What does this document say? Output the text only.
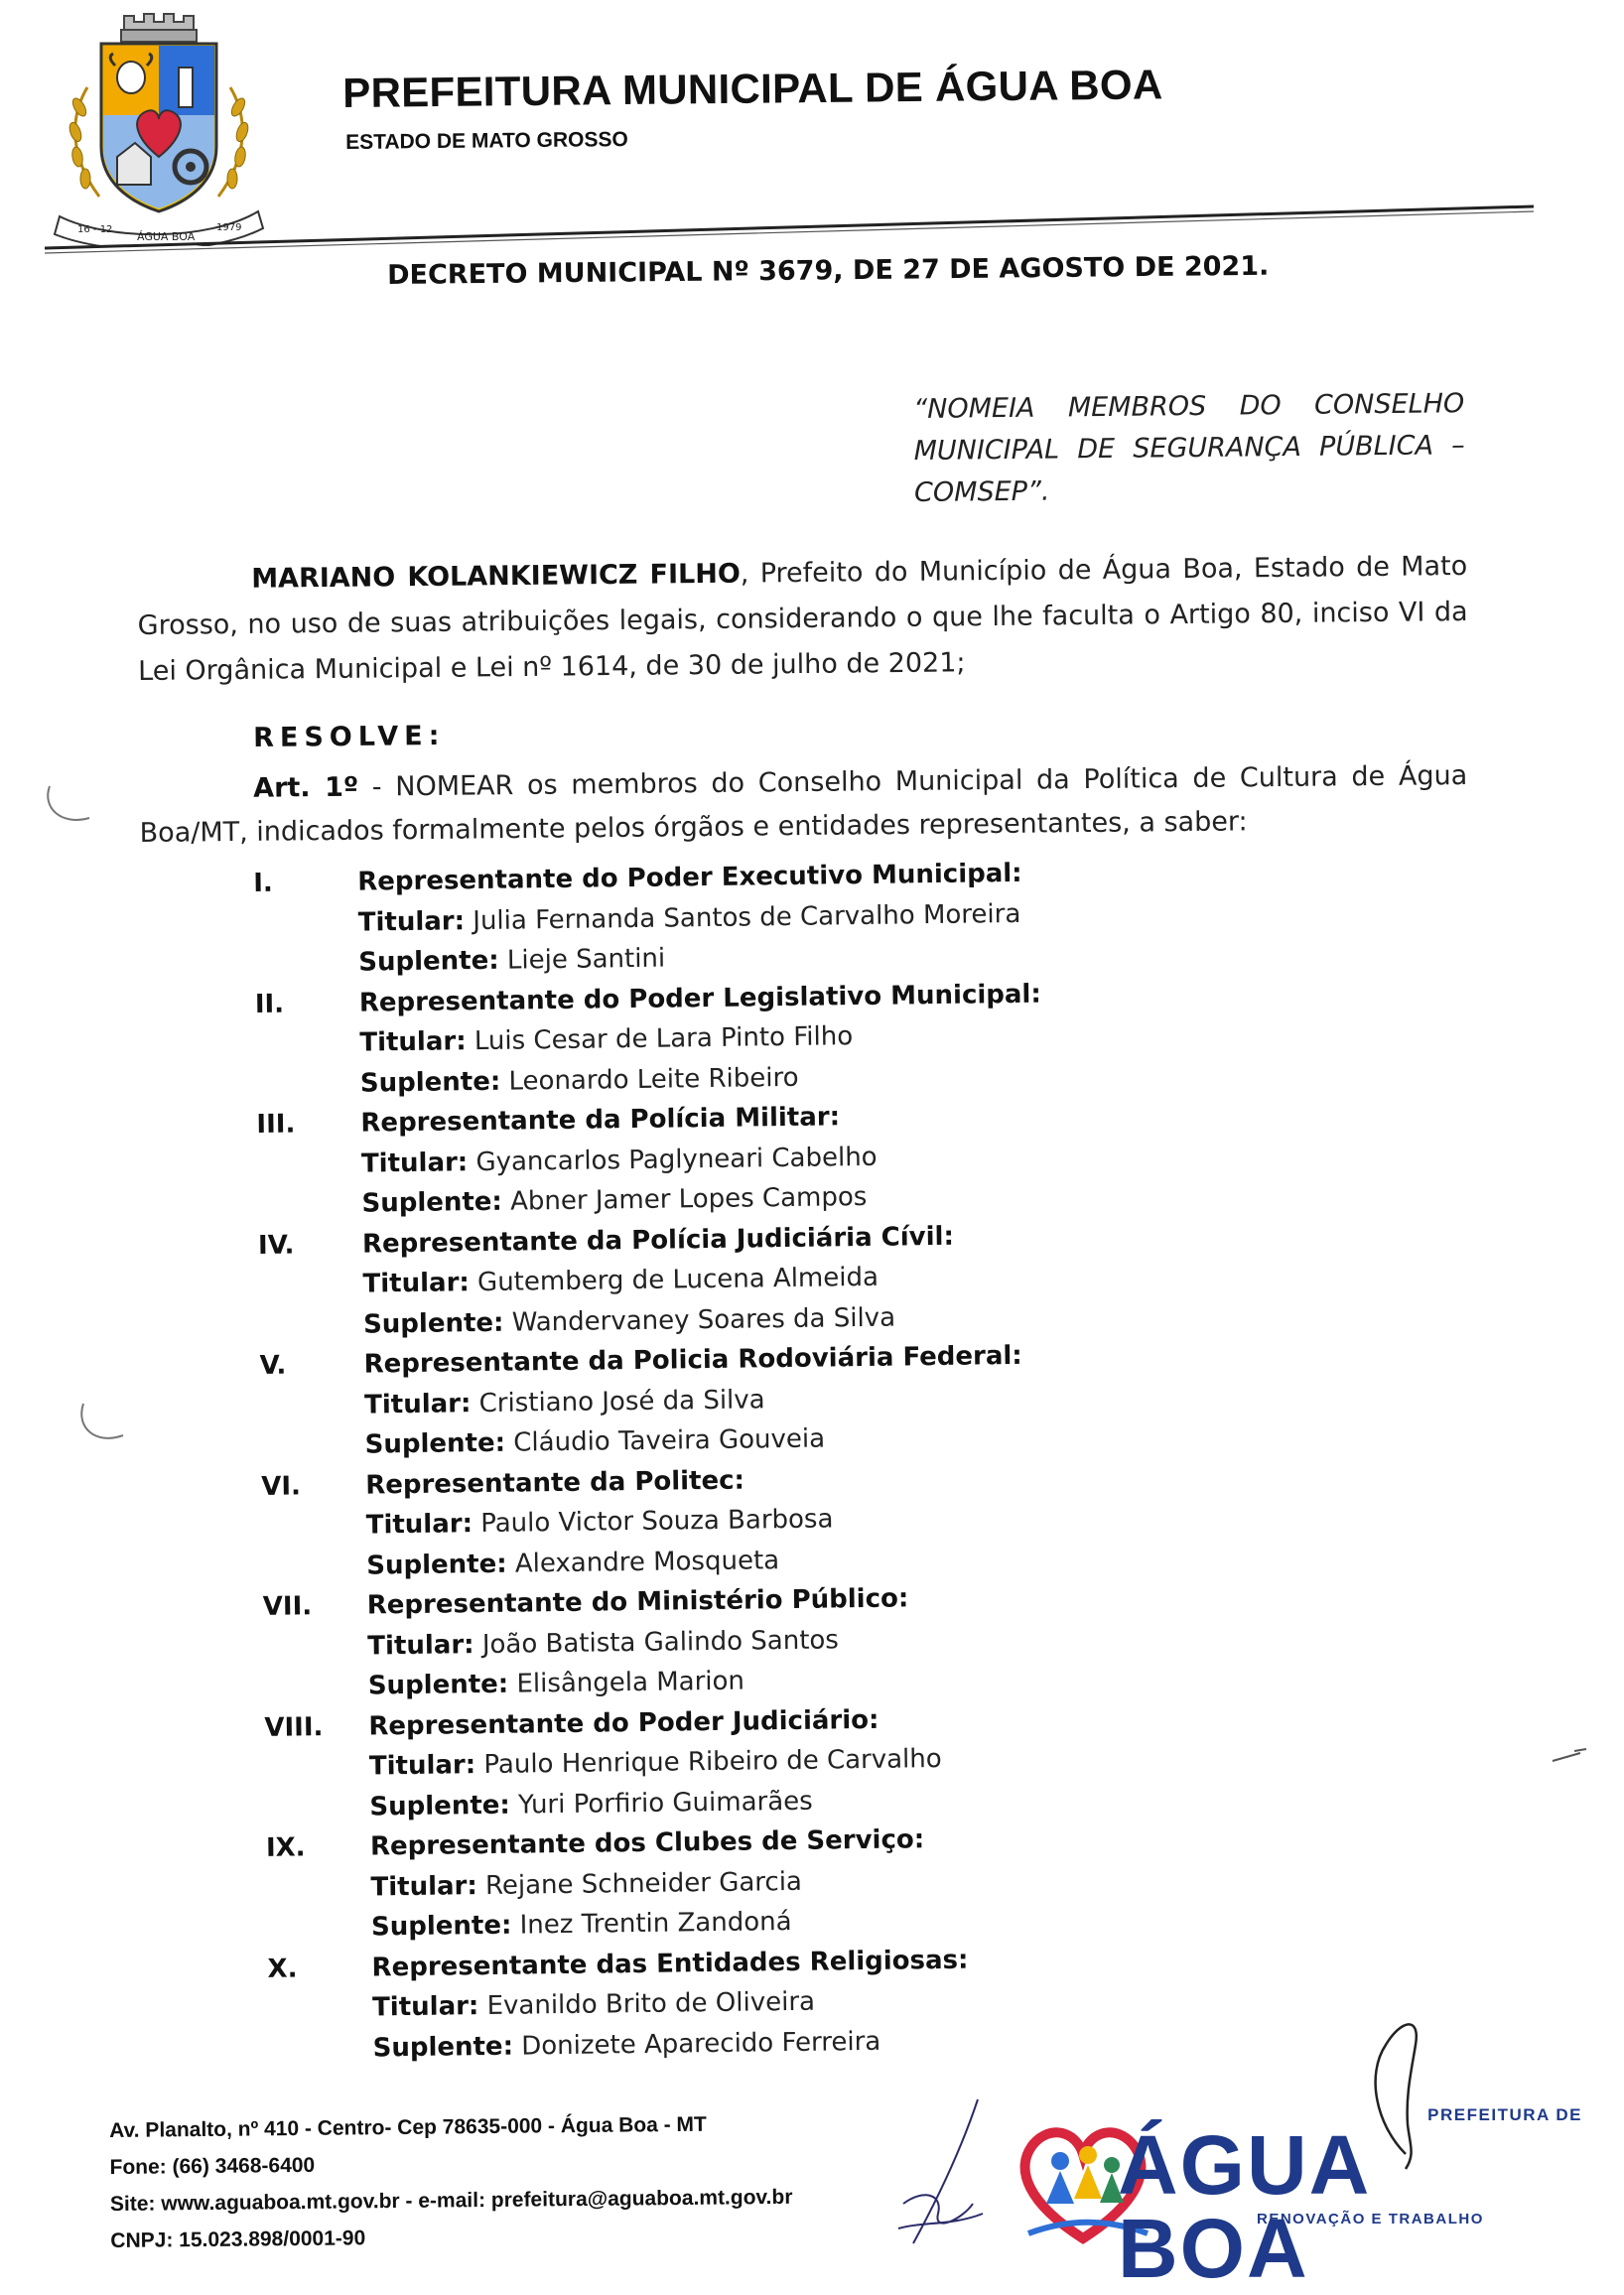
16 - 12
ÁGUA BOA
1979
PREFEITURA MUNICIPAL DE ÁGUA BOA
ESTADO DE MATO GROSSO
DECRETO MUNICIPAL Nº 3679, DE 27 DE AGOSTO DE 2021.
“NOMEIA MEMBROS DO CONSELHO MUNICIPAL DE SEGURANÇA PÚBLICA – COMSEP”.
MARIANO KOLANKIEWICZ FILHO, Prefeito do Município de Água Boa, Estado de Mato Grosso, no uso de suas atribuições legais, considerando o que lhe faculta o Artigo 80, inciso VI da Lei Orgânica Municipal e Lei nº 1614, de 30 de julho de 2021;
RESOLVE:
Art. 1º - NOMEAR os membros do Conselho Municipal da Política de Cultura de Água Boa/MT, indicados formalmente pelos órgãos e entidades representantes, a saber:
I.	Representante do Poder Executivo Municipal:
Titular: Julia Fernanda Santos de Carvalho Moreira
Suplente: Lieje Santini
II.	Representante do Poder Legislativo Municipal:
Titular: Luis Cesar de Lara Pinto Filho
Suplente: Leonardo Leite Ribeiro
III.	Representante da Polícia Militar:
Titular: Gyancarlos Paglyneari Cabelho
Suplente: Abner Jamer Lopes Campos
IV.	Representante da Polícia Judiciária Cívil:
Titular: Gutemberg de Lucena Almeida
Suplente: Wandervaney Soares da Silva
V.	Representante da Policia Rodoviária Federal:
Titular: Cristiano José da Silva
Suplente: Cláudio Taveira Gouveia
VI.	Representante da Politec:
Titular: Paulo Victor Souza Barbosa
Suplente: Alexandre Mosqueta
VII.	Representante do Ministério Público:
Titular: João Batista Galindo Santos
Suplente: Elisângela Marion
VIII.	Representante do Poder Judiciário:
Titular: Paulo Henrique Ribeiro de Carvalho
Suplente: Yuri Porfirio Guimarães
IX.	Representante dos Clubes de Serviço:
Titular: Rejane Schneider Garcia
Suplente: Inez Trentin Zandoná
X.	Representante das Entidades Religiosas:
Titular: Evanildo Brito de Oliveira
Suplente: Donizete Aparecido Ferreira
Av. Planalto, nº 410 - Centro- Cep 78635-000 - Água Boa - MT
Fone: (66) 3468-6400
Site: www.aguaboa.mt.gov.br - e-mail: prefeitura@aguaboa.mt.gov.br
CNPJ: 15.023.898/0001-90
PREFEITURA DE
ÁGUA BOA
RENOVAÇÃO E TRABALHO
